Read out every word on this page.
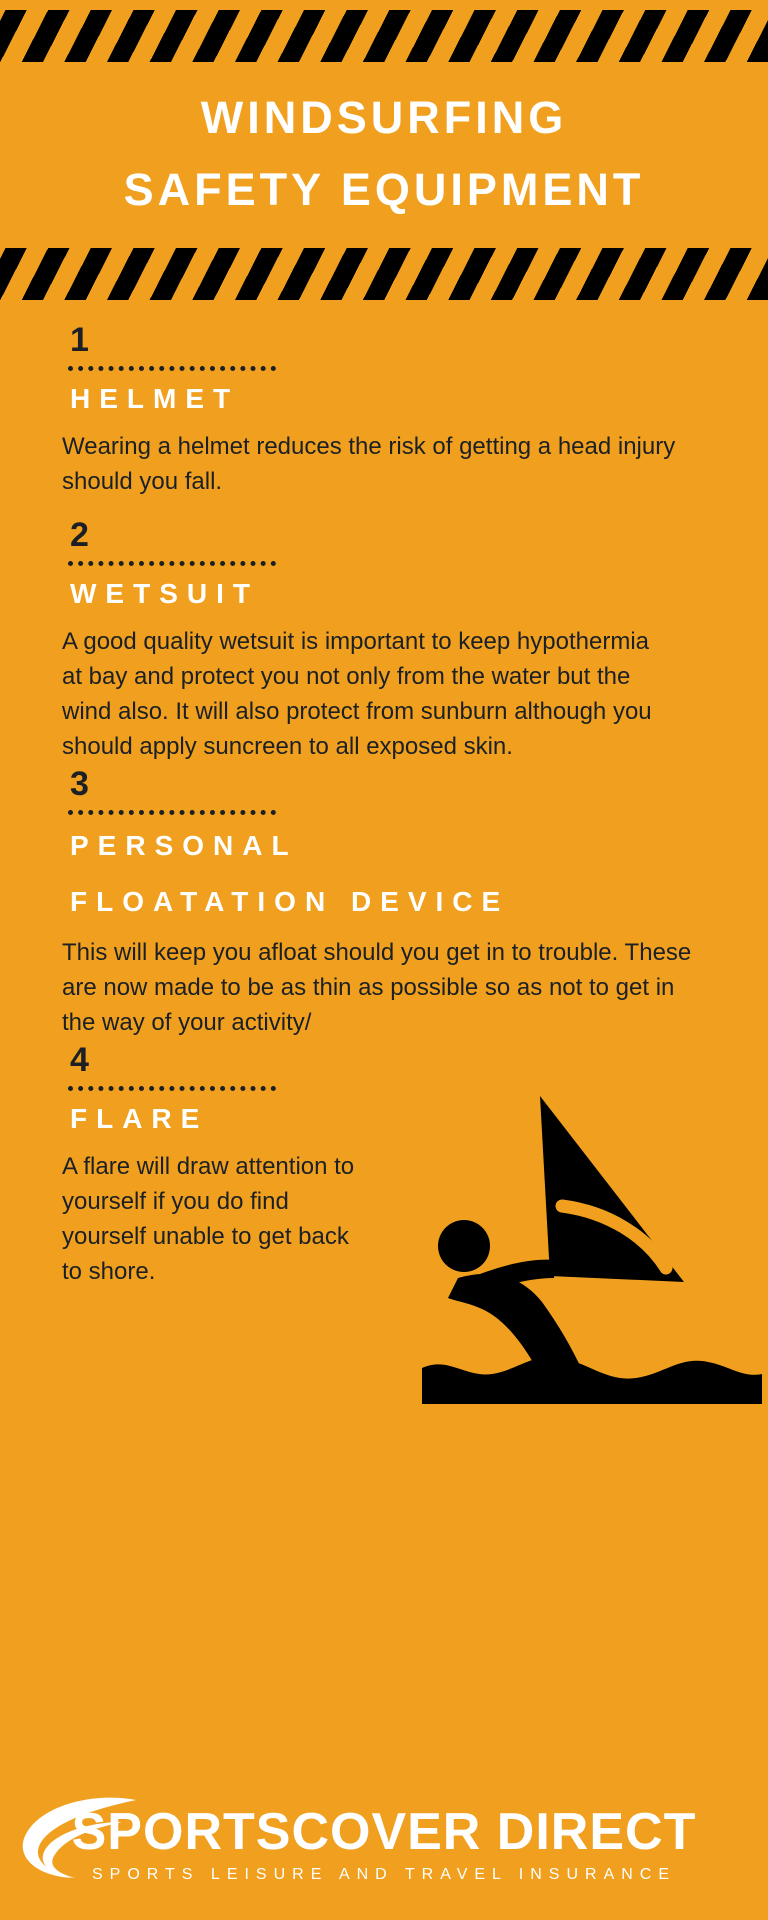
WINDSURFING
SAFETY EQUIPMENT
1
HELMET
Wearing a helmet reduces the risk of getting a head injury should you fall.
2
WETSUIT
A good quality wetsuit is important to keep hypothermia at bay and protect you not only from the water but the wind also. It will also protect from sunburn although you should apply suncreen to all exposed skin.
3
PERSONAL
FLOATATION DEVICE
This will keep you afloat should you get in to trouble. These are now made to be as thin as possible so as not to get in the way of your activity/
4
FLARE
A flare will draw attention to yourself if you do find yourself unable to get back to shore.
SPORTSCOVER DIRECT
SPORTS LEISURE AND TRAVEL INSURANCE
